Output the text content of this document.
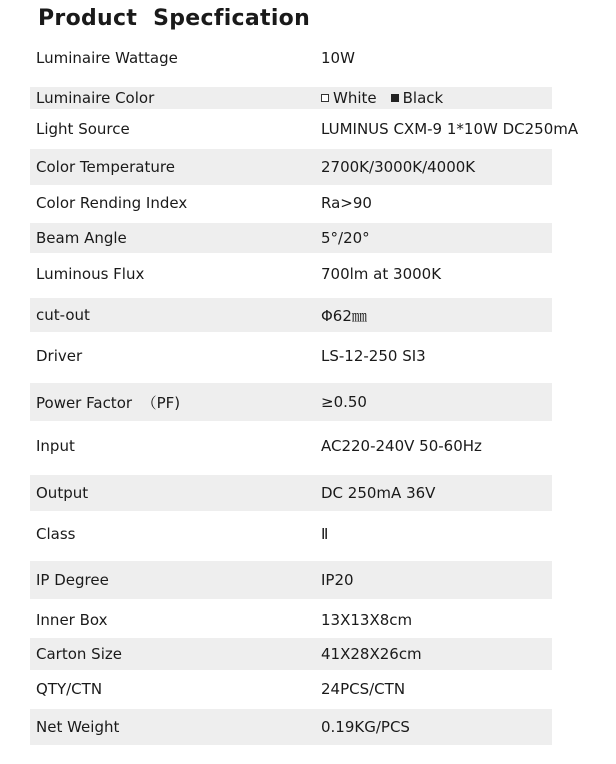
Product  Specfication
Luminaire Wattage	10W
Luminaire Color	White Black
Light Source	LUMINUS CXM-9 1*10W DC250mA
Color Temperature	2700K/3000K/4000K
Color Rending Index	Ra>90
Beam Angle	5°/20°
Luminous Flux	700lm at 3000K
cut-out	Φ62㎜
Driver	LS-12-250 SI3
Power Factor  （PF)	≥0.50
Input	AC220-240V 50-60Hz
Output	DC 250mA 36V
Class	Ⅱ
IP Degree	IP20
Inner Box	13X13X8cm
Carton Size	41X28X26cm
QTY/CTN	24PCS/CTN
Net Weight	0.19KG/PCS
